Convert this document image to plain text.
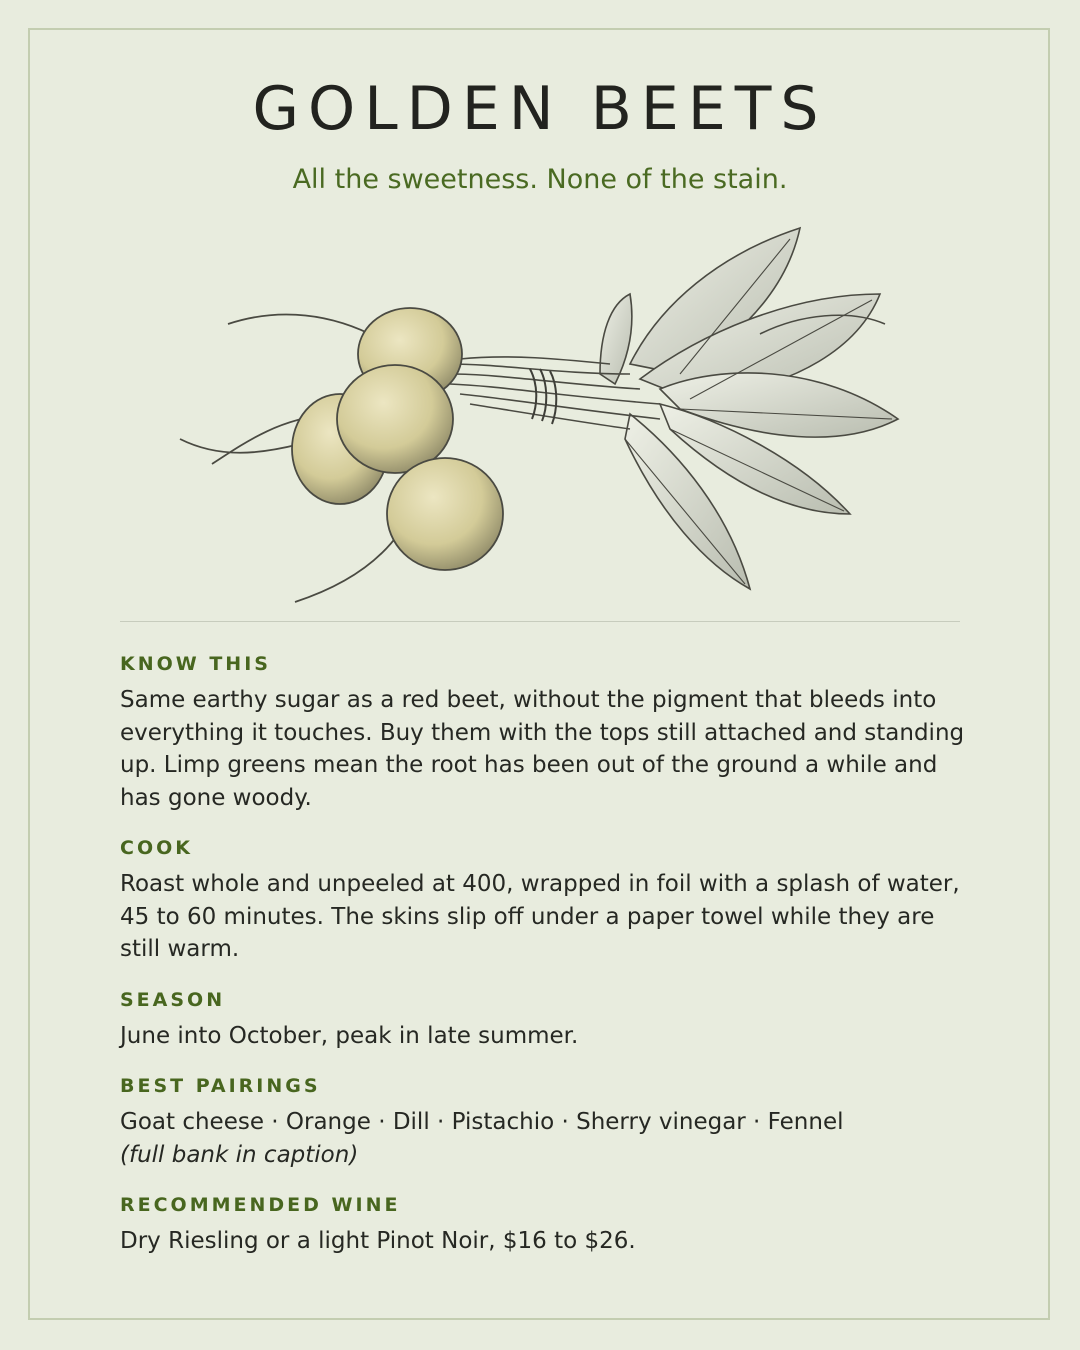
GOLDEN BEETS

All the sweetness. None of the stain.

KNOW THIS

Same earthy sugar as a red beet, without the pigment that bleeds into everything it touches. Buy them with the tops still attached and standing up. Limp greens mean the root has been out of the ground a while and has gone woody.

COOK

Roast whole and unpeeled at 400, wrapped in foil with a splash of water, 45 to 60 minutes. The skins slip off under a paper towel while they are still warm.

SEASON

June into October, peak in late summer.

BEST PAIRINGS

Goat cheese · Orange · Dill · Pistachio · Sherry vinegar · Fennel
(full bank in caption)

RECOMMENDED WINE

Dry Riesling or a light Pinot Noir, $16 to $26.
